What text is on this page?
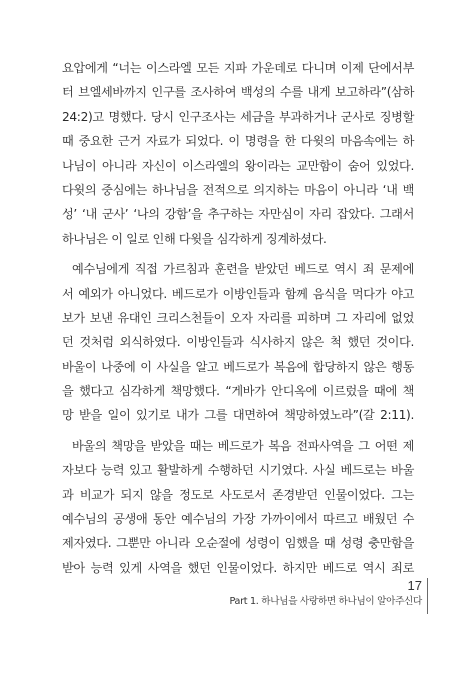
요압에게 “너는 이스라엘 모든 지파 가운데로 다니며 이제 단에서부
터 브엘세바까지 인구를 조사하여 백성의 수를 내게 보고하라”(삼하
24:2)고 명했다. 당시 인구조사는 세금을 부과하거나 군사로 징병할
때 중요한 근거 자료가 되었다. 이 명령을 한 다윗의 마음속에는 하
나님이 아니라 자신이 이스라엘의 왕이라는 교만함이 숨어 있었다.
다윗의 중심에는 하나님을 전적으로 의지하는 마음이 아니라 ‘내 백
성’ ‘내 군사’ ‘나의 강함’을 추구하는 자만심이 자리 잡았다. 그래서
하나님은 이 일로 인해 다윗을 심각하게 징계하셨다.
예수님에게 직접 가르침과 훈련을 받았던 베드로 역시 죄 문제에
서 예외가 아니었다. 베드로가 이방인들과 함께 음식을 먹다가 야고
보가 보낸 유대인 크리스천들이 오자 자리를 피하며 그 자리에 없었
던 것처럼 외식하였다. 이방인들과 식사하지 않은 척 했던 것이다.
바울이 나중에 이 사실을 알고 베드로가 복음에 합당하지 않은 행동
을 했다고 심각하게 책망했다. “게바가 안디옥에 이르렀을 때에 책
망 받을 일이 있기로 내가 그를 대면하여 책망하였노라”(갈 2:11).
바울의 책망을 받았을 때는 베드로가 복음 전파사역을 그 어떤 제
자보다 능력 있고 활발하게 수행하던 시기였다. 사실 베드로는 바울
과 비교가 되지 않을 정도로 사도로서 존경받던 인물이었다. 그는
예수님의 공생애 동안 예수님의 가장 가까이에서 따르고 배웠던 수
제자였다. 그뿐만 아니라 오순절에 성령이 임했을 때 성령 충만함을
받아 능력 있게 사역을 했던 인물이었다. 하지만 베드로 역시 죄로
17
Part 1. 하나님을 사랑하면 하나님이 알아주신다
